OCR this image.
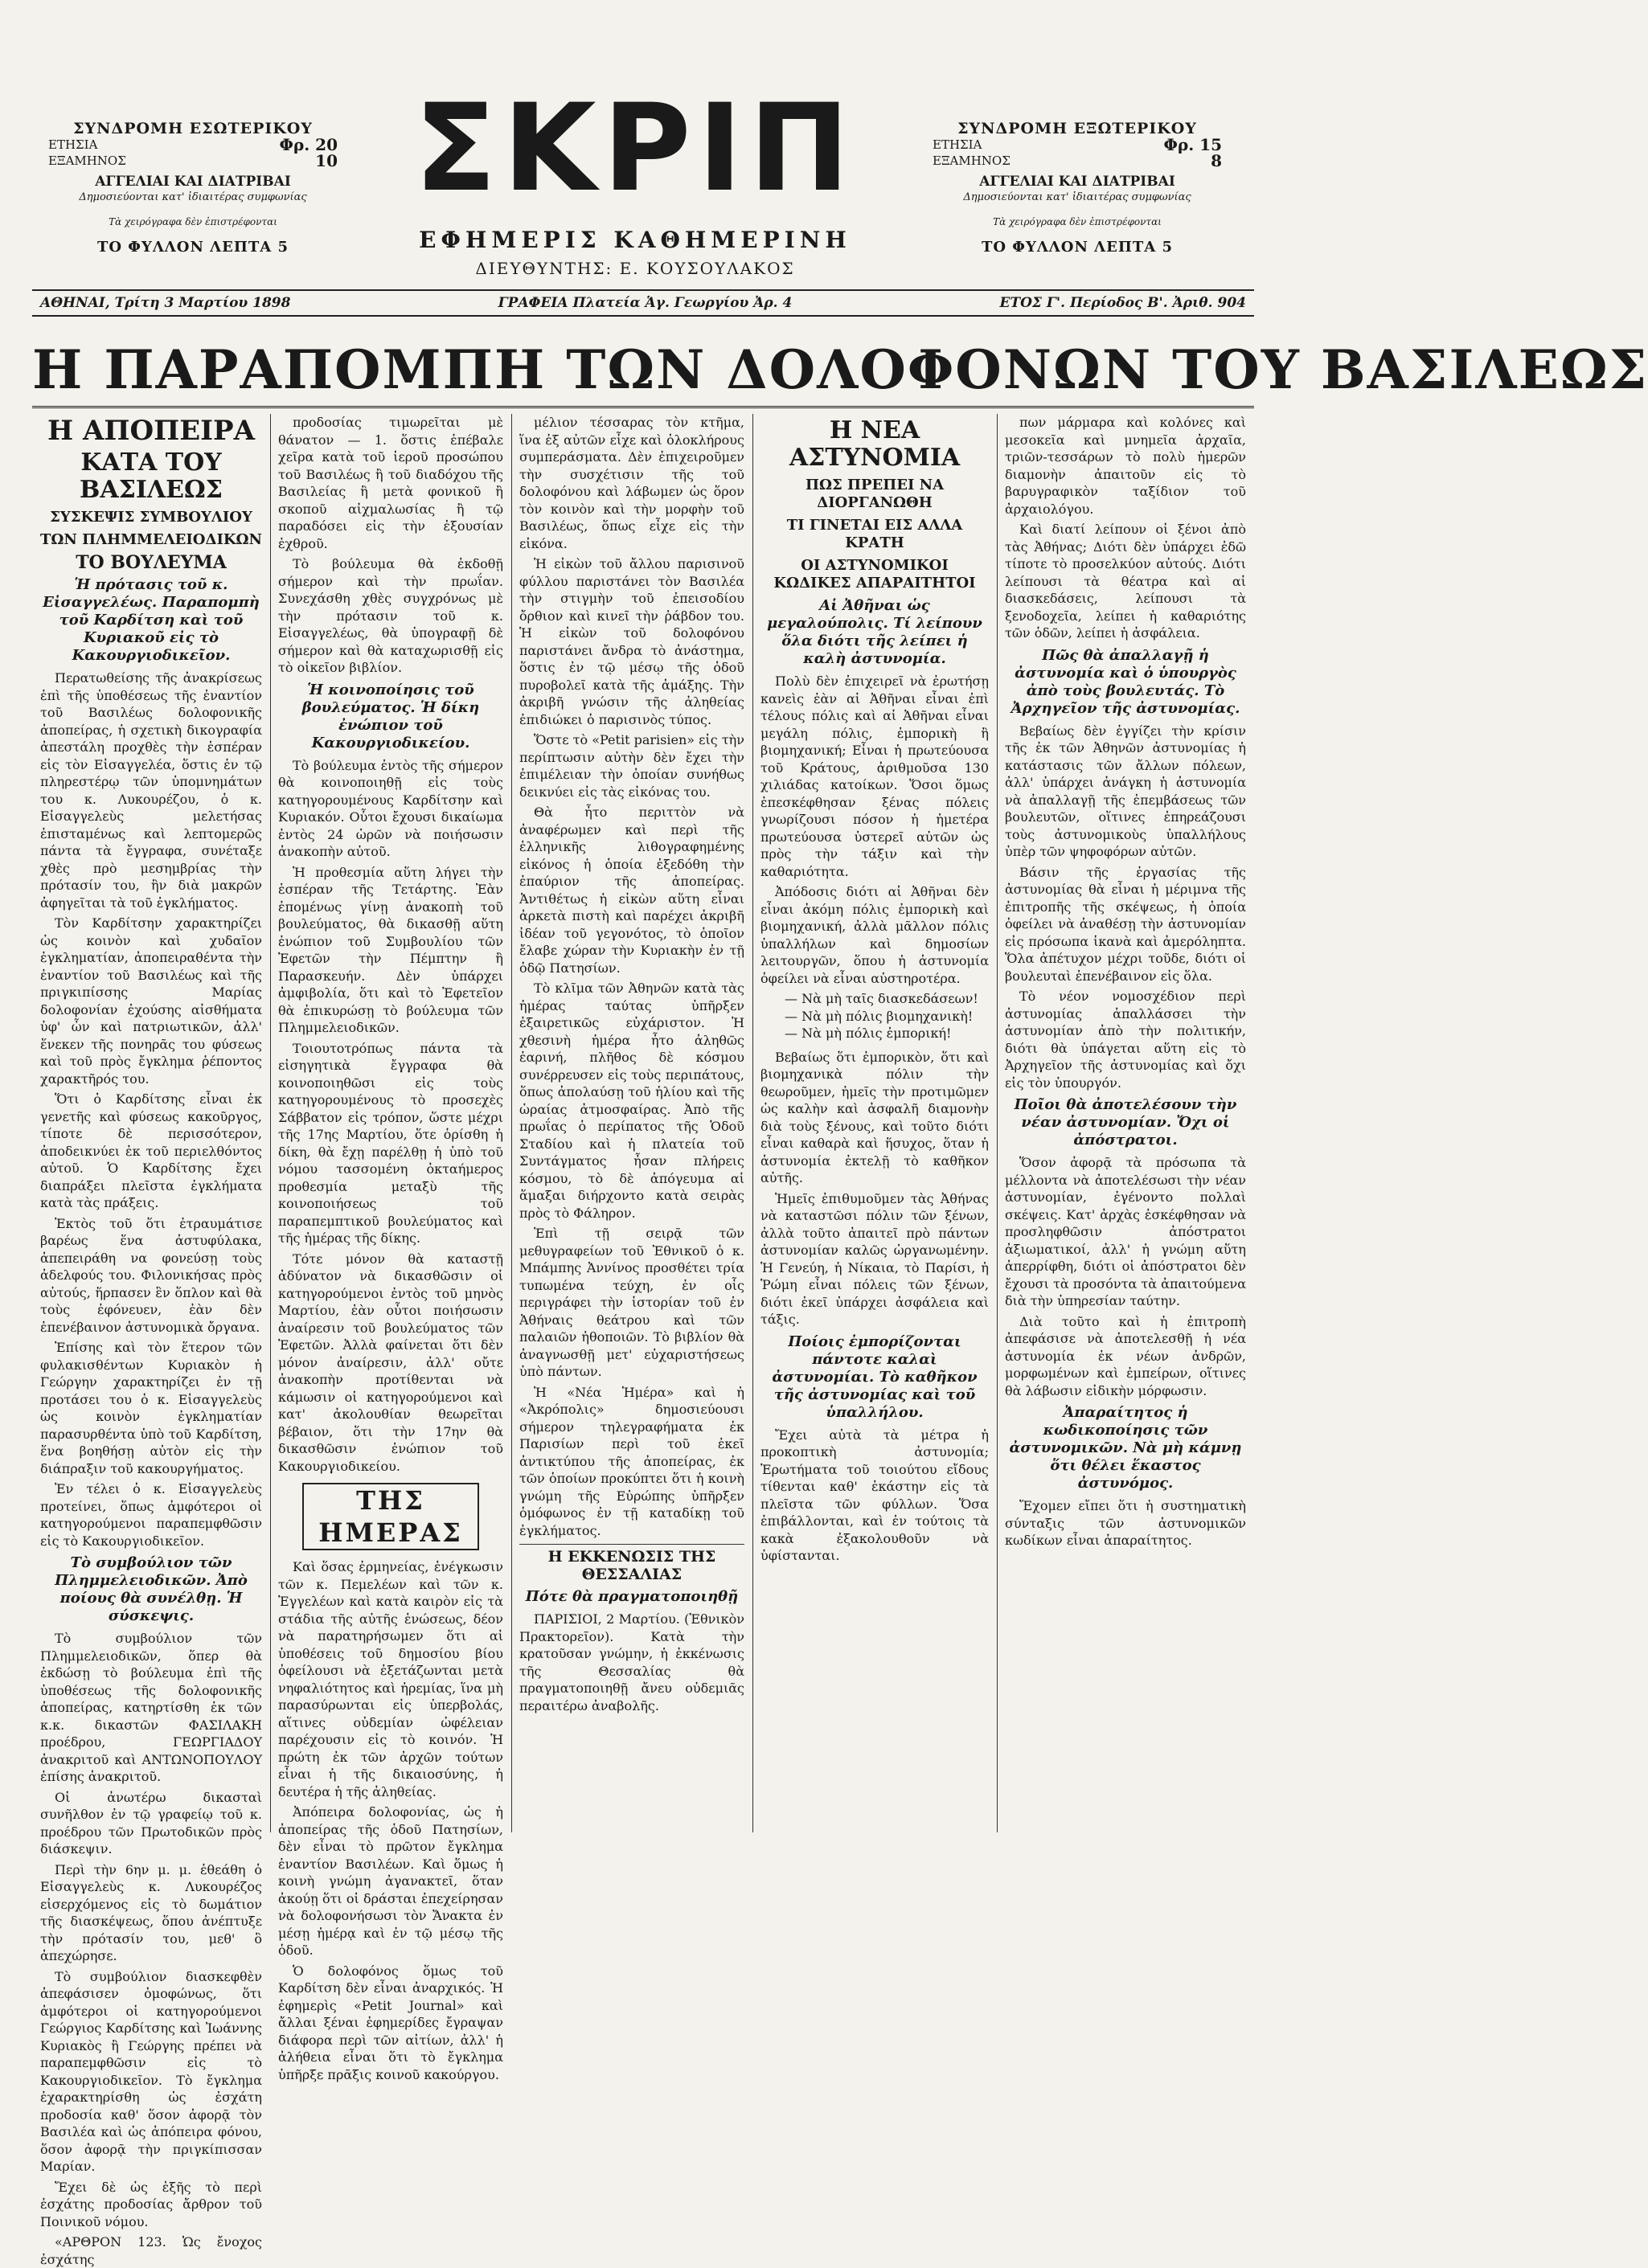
ΣΥΝΔΡΟΜΗ ΕΣΩΤΕΡΙΚΟΥ
ΕΤΗΣΙΑ	Φρ. 20
ΕΞΑΜΗΝΟΣ	10
ΑΓΓΕΛΙΑΙ ΚΑΙ ΔΙΑΤΡΙΒΑΙ
Δημοσιεύονται κατ' ἰδιαιτέρας συμφωνίας
Τὰ χειρόγραφα δὲν ἐπιστρέφονται
ΤΟ ΦΥΛΛΟΝ ΛΕΠΤΑ 5
ΣΚΡΙΠ
ΕΦΗΜΕΡΙΣ ΚΑΘΗΜΕΡΙΝΗ
ΔΙΕΥΘΥΝΤΗΣ: Ε. ΚΟΥΣΟΥΛΑΚΟΣ
ΣΥΝΔΡΟΜΗ ΕΞΩΤΕΡΙΚΟΥ
ΕΤΗΣΙΑ	Φρ. 15
ΕΞΑΜΗΝΟΣ	8
ΑΓΓΕΛΙΑΙ ΚΑΙ ΔΙΑΤΡΙΒΑΙ
Δημοσιεύονται κατ' ἰδιαιτέρας συμφωνίας
Τὰ χειρόγραφα δὲν ἐπιστρέφονται
ΤΟ ΦΥΛΛΟΝ ΛΕΠΤΑ 5
ΑΘΗΝΑΙ, Τρίτη 3 Μαρτίου 1898	ΓΡΑΦΕΙΑ Πλατεία Ἁγ. Γεωργίου Ἀρ. 4	ΕΤΟΣ Γ'. Περίοδος Β'. Ἀριθ. 904
Η ΠΑΡΑΠΟΜΠΗ ΤΩΝ ΔΟΛΟΦΟΝΩΝ ΤΟΥ ΒΑΣΙΛΕΩΣ
Η ΑΠΟΠΕΙΡΑ
ΚΑΤΑ ΤΟΥ ΒΑΣΙΛΕΩΣ
ΣΥΣΚΕΨΙΣ ΣΥΜΒΟΥΛΙΟΥ
ΤΩΝ ΠΛΗΜΜΕΛΕΙΟΔΙΚΩΝ
ΤΟ ΒΟΥΛΕΥΜΑ
Ἡ πρότασις τοῦ κ. Εἰσαγγελέως. Παραπομπὴ τοῦ Καρδίτση καὶ τοῦ Κυριακοῦ εἰς τὸ Κακουργιοδικεῖον.

Περατωθείσης τῆς ἀνακρίσεως ἐπὶ τῆς ὑποθέσεως τῆς ἐναντίον τοῦ Βασιλέως δολοφονικῆς ἀποπείρας, ἡ σχετικὴ δικογραφία ἀπεστάλη προχθὲς τὴν ἑσπέραν εἰς τὸν Εἰσαγγελέα, ὅστις ἐν τῷ πληρεστέρῳ τῶν ὑπομνημάτων του κ. Λυκουρέζου, ὁ κ. Εἰσαγγελεὺς μελετήσας ἐπισταμένως καὶ λεπτομερῶς πάντα τὰ ἔγγραφα, συνέταξε χθὲς πρὸ μεσημβρίας τὴν πρότασίν του, ἣν διὰ μακρῶν ἀφηγεῖται τὰ τοῦ ἐγκλήματος.

Τὸν Καρδίτσην χαρακτηρίζει ὡς κοινὸν καὶ χυδαῖον ἐγκληματίαν, ἀποπειραθέντα τὴν ἐναντίον τοῦ Βασιλέως καὶ τῆς πριγκιπίσσης Μαρίας δολοφονίαν ἐχούσης αἰσθήματα ὑφ' ὧν καὶ πατριωτικῶν, ἀλλ' ἕνεκεν τῆς πονηρᾶς του φύσεως καὶ τοῦ πρὸς ἔγκλημα ῥέποντος χαρακτῆρός του.

Ὅτι ὁ Καρδίτσης εἶναι ἐκ γενετῆς καὶ φύσεως κακοῦργος, τίποτε δὲ περισσότερον, ἀποδεικνύει ἐκ τοῦ περιελθόντος αὐτοῦ. Ὁ Καρδίτσης ἔχει διαπράξει πλεῖστα ἐγκλήματα κατὰ τὰς πράξεις.

Ἐκτὸς τοῦ ὅτι ἐτραυμάτισε βαρέως ἕνα ἀστυφύλακα, ἀπεπειράθη να φονεύσῃ τοὺς ἀδελφούς του. Φιλονικήσας πρὸς αὐτούς, ἥρπασεν ἓν ὅπλον καὶ θὰ τοὺς ἐφόνευεν, ἐὰν δὲν ἐπενέβαινον ἀστυνομικὰ ὄργανα.

Ἐπίσης καὶ τὸν ἕτερον τῶν φυλακισθέντων Κυριακὸν ἡ Γεώργην χαρακτηρίζει ἐν τῇ προτάσει του ὁ κ. Εἰσαγγελεὺς ὡς κοινὸν ἐγκληματίαν παρασυρθέντα ὑπὸ τοῦ Καρδίτση, ἕνα βοηθήσῃ αὐτὸν εἰς τὴν διάπραξιν τοῦ κακουργήματος.

Ἐν τέλει ὁ κ. Εἰσαγγελεὺς προτείνει, ὅπως ἀμφότεροι οἱ κατηγορούμενοι παραπεμφθῶσιν εἰς τὸ Κακουργιοδικεῖον.

Τὸ συμβούλιον τῶν Πλημμελειοδικῶν. Ἀπὸ ποίους θὰ συνέλθῃ. Ἡ σύσκεψις.

Τὸ συμβούλιον τῶν Πλημμελειοδικῶν, ὅπερ θὰ ἐκδώσῃ τὸ βούλευμα ἐπὶ τῆς ὑποθέσεως τῆς δολοφονικῆς ἀποπείρας, κατηρτίσθη ἐκ τῶν κ.κ. δικαστῶν ΦΑΣΙΛΑΚΗ προέδρου, ΓΕΩΡΓΙΑΔΟΥ ἀνακριτοῦ καὶ ΑΝΤΩΝΟΠΟΥΛΟΥ ἐπίσης ἀνακριτοῦ.

Οἱ ἀνωτέρω δικασταὶ συνῆλθον ἐν τῷ γραφείῳ τοῦ κ. προέδρου τῶν Πρωτοδικῶν πρὸς διάσκεψιν.

Περὶ τὴν 6ην μ. μ. ἐθεάθη ὁ Εἰσαγγελεὺς κ. Λυκουρέζος εἰσερχόμενος εἰς τὸ δωμάτιον τῆς διασκέψεως, ὅπου ἀνέπτυξε τὴν πρότασίν του, μεθ' ὃ ἀπεχώρησε.

Τὸ συμβούλιον διασκεφθὲν ἀπεφάσισεν ὁμοφώνως, ὅτι ἀμφότεροι οἱ κατηγορούμενοι Γεώργιος Καρδίτσης καὶ Ἰωάννης Κυριακὸς ἢ Γεώργης πρέπει νὰ παραπεμφθῶσιν εἰς τὸ Κακουργιοδικεῖον. Τὸ ἔγκλημα ἐχαρακτηρίσθη ὡς ἐσχάτη προδοσία καθ' ὅσον ἀφορᾷ τὸν Βασιλέα καὶ ὡς ἀπόπειρα φόνου, ὅσον ἀφορᾷ τὴν πριγκίπισσαν Μαρίαν.

Ἔχει δὲ ὡς ἑξῆς τὸ περὶ ἐσχάτης προδοσίας ἄρθρον τοῦ Ποινικοῦ νόμου.

«ΑΡΘΡΟΝ 123. Ὡς ἔνοχος ἐσχάτης

προδοσίας τιμωρεῖται μὲ θάνατον — 1. ὅστις ἐπέβαλε χεῖρα κατὰ τοῦ ἱεροῦ προσώπου τοῦ Βασιλέως ἢ τοῦ διαδόχου τῆς Βασιλείας ἢ μετὰ φονικοῦ ἢ σκοποῦ αἰχμαλωσίας ἢ τῷ παραδόσει εἰς τὴν ἐξουσίαν ἐχθροῦ.

Τὸ βούλευμα θὰ ἐκδοθῇ σήμερον καὶ τὴν πρωΐαν. Συνεχάσθη χθὲς συγχρόνως μὲ τὴν πρότασιν τοῦ κ. Εἰσαγγελέως, θὰ ὑπογραφῇ δὲ σήμερον καὶ θὰ καταχωρισθῇ εἰς τὸ οἰκεῖον βιβλίον.

Ἡ κοινοποίησις τοῦ βουλεύματος. Ἡ δίκη ἐνώπιον τοῦ Κακουργιοδικείου.

Τὸ βούλευμα ἐντὸς τῆς σήμερον θὰ κοινοποιηθῇ εἰς τοὺς κατηγορουμένους Καρδίτσην καὶ Κυριακόν. Οὗτοι ἔχουσι δικαίωμα ἐντὸς 24 ὡρῶν νὰ ποιήσωσιν ἀνακοπὴν αὐτοῦ.

Ἡ προθεσμία αὕτη λήγει τὴν ἑσπέραν τῆς Τετάρτης. Ἐὰν ἐπομένως γίνῃ ἀνακοπὴ τοῦ βουλεύματος, θὰ δικασθῇ αὕτη ἐνώπιον τοῦ Συμβουλίου τῶν Ἐφετῶν τὴν Πέμπτην ἢ Παρασκευήν. Δὲν ὑπάρχει ἀμφιβολία, ὅτι καὶ τὸ Ἐφετεῖον θὰ ἐπικυρώσῃ τὸ βούλευμα τῶν Πλημμελειοδικῶν.

Τοιουτοτρόπως πάντα τὰ εἰσηγητικὰ ἔγγραφα θὰ κοινοποιηθῶσι εἰς τοὺς κατηγορουμένους τὸ προσεχὲς Σάββατον εἰς τρόπον, ὥστε μέχρι τῆς 17ης Μαρτίου, ὅτε ὁρίσθη ἡ δίκη, θὰ ἔχῃ παρέλθῃ ἡ ὑπὸ τοῦ νόμου τασσομένη ὀκταήμερος προθεσμία μεταξὺ τῆς κοινοποιήσεως τοῦ παραπεμπτικοῦ βουλεύματος καὶ τῆς ἡμέρας τῆς δίκης.

Τότε μόνον θὰ καταστῇ ἀδύνατον νὰ δικασθῶσιν οἱ κατηγορούμενοι ἐντὸς τοῦ μηνὸς Μαρτίου, ἐὰν οὗτοι ποιήσωσιν ἀναίρεσιν τοῦ βουλεύματος τῶν Ἐφετῶν. Ἀλλὰ φαίνεται ὅτι δὲν μόνον ἀναίρεσιν, ἀλλ' οὔτε ἀνακοπὴν προτίθενται νὰ κάμωσιν οἱ κατηγορούμενοι καὶ κατ' ἀκολουθίαν θεωρεῖται βέβαιον, ὅτι τὴν 17ην θὰ δικασθῶσιν ἐνώπιον τοῦ Κακουργιοδικείου.

ΤΗΣ ΗΜΕΡΑΣ

Καὶ ὅσας ἐρμηνείας, ἐνέγκωσιν τῶν κ. Πεμελέων καὶ τῶν κ. Ἐγγελέων καὶ κατὰ καιρὸν εἰς τὰ στάδια τῆς αὐτῆς ἑνώσεως, δέον νὰ παρατηρήσωμεν ὅτι αἱ ὑποθέσεις τοῦ δημοσίου βίου ὀφείλουσι νὰ ἐξετάζωνται μετὰ νηφαλιότητος καὶ ἠρεμίας, ἵνα μὴ παρασύρωνται εἰς ὑπερβολάς, αἵτινες οὐδεμίαν ὠφέλειαν παρέχουσιν εἰς τὸ κοινόν. Ἡ πρώτη ἐκ τῶν ἀρχῶν τούτων εἶναι ἡ τῆς δικαιοσύνης, ἡ δευτέρα ἡ τῆς ἀληθείας.

Ἀπόπειρα δολοφονίας, ὡς ἡ ἀποπείρας τῆς ὁδοῦ Πατησίων, δὲν εἶναι τὸ πρῶτον ἔγκλημα ἐναντίον Βασιλέων. Καὶ ὅμως ἡ κοινὴ γνώμη ἀγανακτεῖ, ὅταν ἀκούῃ ὅτι οἱ δράσται ἐπεχείρησαν νὰ δολοφονήσωσι τὸν Ἄνακτα ἐν μέσῃ ἡμέρᾳ καὶ ἐν τῷ μέσῳ τῆς ὁδοῦ.

Ὁ δολοφόνος ὅμως τοῦ Καρδίτση δὲν εἶναι ἀναρχικός. Ἡ ἐφημερὶς «Petit Journal» καὶ ἄλλαι ξέναι ἐφημερίδες ἔγραψαν διάφορα περὶ τῶν αἰτίων, ἀλλ' ἡ ἀλήθεια εἶναι ὅτι τὸ ἔγκλημα ὑπῆρξε πρᾶξις κοινοῦ κακούργου.

μέλιον τέσσαρας τὸν κτῆμα, ἵνα ἐξ αὐτῶν εἶχε καὶ ὁλοκλήρους συμπεράσματα. Δὲν ἐπιχειροῦμεν τὴν συσχέτισιν τῆς τοῦ δολοφόνου καὶ λάβωμεν ὡς ὅρον τὸν κοινὸν καὶ τὴν μορφὴν τοῦ Βασιλέως, ὅπως εἶχε εἰς τὴν εἰκόνα.

Ἡ εἰκὼν τοῦ ἄλλου παρισινοῦ φύλλου παριστάνει τὸν Βασιλέα τὴν στιγμὴν τοῦ ἐπεισοδίου ὄρθιον καὶ κινεῖ τὴν ῥάβδον του. Ἡ εἰκὼν τοῦ δολοφόνου παριστάνει ἄνδρα τὸ ἀνάστημα, ὅστις ἐν τῷ μέσῳ τῆς ὁδοῦ πυροβολεῖ κατὰ τῆς ἁμάξης. Τὴν ἀκριβῆ γνώσιν τῆς ἀληθείας ἐπιδιώκει ὁ παρισινὸς τύπος.

Ὅστε τὸ «Petit parisien» εἰς τὴν περίπτωσιν αὐτὴν δὲν ἔχει τὴν ἐπιμέλειαν τὴν ὁποίαν συνήθως δεικνύει εἰς τὰς εἰκόνας του.

Θὰ ἦτο περιττὸν νὰ ἀναφέρωμεν καὶ περὶ τῆς ἑλληνικῆς λιθογραφημένης εἰκόνος ἡ ὁποία ἐξεδόθη τὴν ἐπαύριον τῆς ἀποπείρας. Ἀντιθέτως ἡ εἰκὼν αὕτη εἶναι ἀρκετὰ πιστὴ καὶ παρέχει ἀκριβῆ ἰδέαν τοῦ γεγονότος, τὸ ὁποῖον ἔλαβε χώραν τὴν Κυριακὴν ἐν τῇ ὁδῷ Πατησίων.

Τὸ κλῖμα τῶν Ἀθηνῶν κατὰ τὰς ἡμέρας ταύτας ὑπῆρξεν ἐξαιρετικῶς εὐχάριστον. Ἡ χθεσινὴ ἡμέρα ἦτο ἀληθῶς ἐαρινή, πλῆθος δὲ κόσμου συνέρρευσεν εἰς τοὺς περιπάτους, ὅπως ἀπολαύσῃ τοῦ ἡλίου καὶ τῆς ὡραίας ἀτμοσφαίρας. Ἀπὸ τῆς πρωΐας ὁ περίπατος τῆς Ὁδοῦ Σταδίου καὶ ἡ πλατεία τοῦ Συντάγματος ἦσαν πλήρεις κόσμου, τὸ δὲ ἀπόγευμα αἱ ἅμαξαι διήρχοντο κατὰ σειρὰς πρὸς τὸ Φάληρον.

Ἐπὶ τῇ σειρᾷ τῶν μεθυγραφείων τοῦ Ἐθνικοῦ ὁ κ. Μπάμπης Ἀννίνος προσθέτει τρία τυπωμένα τεύχη, ἐν οἷς περιγράφει τὴν ἱστορίαν τοῦ ἐν Ἀθήναις θεάτρου καὶ τῶν παλαιῶν ἠθοποιῶν. Τὸ βιβλίον θὰ ἀναγνωσθῇ μετ' εὐχαριστήσεως ὑπὸ πάντων.

Ἡ «Νέα Ἡμέρα» καὶ ἡ «Ἀκρόπολις» δημοσιεύουσι σήμερον τηλεγραφήματα ἐκ Παρισίων περὶ τοῦ ἐκεῖ ἀντικτύπου τῆς ἀποπείρας, ἐκ τῶν ὁποίων προκύπτει ὅτι ἡ κοινὴ γνώμη τῆς Εὐρώπης ὑπῆρξεν ὁμόφωνος ἐν τῇ καταδίκῃ τοῦ ἐγκλήματος.

Η ΕΚΚΕΝΩΣΙΣ ΤΗΣ ΘΕΣΣΑΛΙΑΣ
Πότε θὰ πραγματοποιηθῇ

ΠΑΡΙΣΙΟΙ, 2 Μαρτίου. (Ἐθνικὸν Πρακτορεῖον). Κατὰ τὴν κρατοῦσαν γνώμην, ἡ ἐκκένωσις τῆς Θεσσαλίας θὰ πραγματοποιηθῇ ἄνευ οὐδεμιᾶς περαιτέρω ἀναβολῆς.

Η ΝΕΑ ΑΣΤΥΝΟΜΙΑ
ΠΩΣ ΠΡΕΠΕΙ ΝΑ ΔΙΟΡΓΑΝΩΘΗ
ΤΙ ΓΙΝΕΤΑΙ ΕΙΣ ΑΛΛΑ ΚΡΑΤΗ
ΟΙ ΑΣΤΥΝΟΜΙΚΟΙ ΚΩΔΙΚΕΣ ΑΠΑΡΑΙΤΗΤΟΙ
Αἱ Ἀθῆναι ὡς μεγαλούπολις. Τί λείπουν ὅλα διότι τῆς λείπει ἡ καλὴ ἀστυνομία.

Πολὺ δὲν ἐπιχειρεῖ νὰ ἐρωτήσῃ κανεὶς ἐὰν αἱ Ἀθῆναι εἶναι ἐπὶ τέλους πόλις καὶ αἱ Ἀθῆναι εἶναι μεγάλη πόλις, ἐμπορικὴ ἢ βιομηχανική; Εἶναι ἡ πρωτεύουσα τοῦ Κράτους, ἀριθμοῦσα 130 χιλιάδας κατοίκων. Ὅσοι ὅμως ἐπεσκέφθησαν ξένας πόλεις γνωρίζουσι πόσον ἡ ἡμετέρα πρωτεύουσα ὑστερεῖ αὐτῶν ὡς πρὸς τὴν τάξιν καὶ τὴν καθαριότητα.

Ἀπόδοσις διότι αἱ Ἀθῆναι δὲν εἶναι ἀκόμη πόλις ἐμπορικὴ καὶ βιομηχανική, ἀλλὰ μᾶλλον πόλις ὑπαλλήλων καὶ δημοσίων λειτουργῶν, ὅπου ἡ ἀστυνομία ὀφείλει νὰ εἶναι αὐστηροτέρα.

— Νὰ μὴ ταῖς διασκεδάσεων!
— Νὰ μὴ πόλις βιομηχανικὴ!
— Νὰ μὴ πόλις ἐμπορική!

Βεβαίως ὅτι ἐμπορικὸν, ὅτι καὶ βιομηχανικὰ πόλιν τὴν θεωροῦμεν, ἡμεῖς τὴν προτιμῶμεν ὡς καλὴν καὶ ἀσφαλῆ διαμονὴν διὰ τοὺς ξένους, καὶ τοῦτο διότι εἶναι καθαρὰ καὶ ἥσυχος, ὅταν ἡ ἀστυνομία ἐκτελῇ τὸ καθῆκον αὐτῆς.

Ἡμεῖς ἐπιθυμοῦμεν τὰς Ἀθήνας νὰ καταστῶσι πόλιν τῶν ξένων, ἀλλὰ τοῦτο ἀπαιτεῖ πρὸ πάντων ἀστυνομίαν καλῶς ὠργανωμένην. Ἡ Γενεύη, ἡ Νίκαια, τὸ Παρίσι, ἡ Ῥώμη εἶναι πόλεις τῶν ξένων, διότι ἐκεῖ ὑπάρχει ἀσφάλεια καὶ τάξις.

Ποίοις ἐμπορίζονται πάντοτε καλαὶ ἀστυνομίαι. Τὸ καθῆκον τῆς ἀστυνομίας καὶ τοῦ ὑπαλλήλου.

Ἔχει αὐτὰ τὰ μέτρα ἡ προκοπτικὴ ἀστυνομία; Ἐρωτήματα τοῦ τοιούτου εἴδους τίθενται καθ' ἑκάστην εἰς τὰ πλεῖστα τῶν φύλλων. Ὅσα ἐπιβάλλονται, καὶ ἐν τούτοις τὰ κακὰ ἐξακολουθοῦν νὰ ὑφίστανται.

πων μάρμαρα καὶ κολόνες καὶ μεσοκεῖα καὶ μνημεῖα ἀρχαῖα, τριῶν-τεσσάρων τὸ πολὺ ἡμερῶν διαμονὴν ἀπαιτοῦν εἰς τὸ βαρυγραφικὸν ταξίδιον τοῦ ἀρχαιολόγου.

Καὶ διατί λείπουν οἱ ξένοι ἀπὸ τὰς Ἀθήνας; Διότι δὲν ὑπάρχει ἐδῶ τίποτε τὸ προσελκύον αὐτούς. Διότι λείπουσι τὰ θέατρα καὶ αἱ διασκεδάσεις, λείπουσι τὰ ξενοδοχεῖα, λείπει ἡ καθαριότης τῶν ὁδῶν, λείπει ἡ ἀσφάλεια.

Πῶς θὰ ἀπαλλαγῇ ἡ ἀστυνομία καὶ ὁ ὑπουργὸς ἀπὸ τοὺς βουλευτάς. Τὸ Ἀρχηγεῖον τῆς ἀστυνομίας.

Βεβαίως δὲν ἐγγίζει τὴν κρίσιν τῆς ἐκ τῶν Ἀθηνῶν ἀστυνομίας ἡ κατάστασις τῶν ἄλλων πόλεων, ἀλλ' ὑπάρχει ἀνάγκη ἡ ἀστυνομία νὰ ἀπαλλαγῇ τῆς ἐπεμβάσεως τῶν βουλευτῶν, οἵτινες ἐπηρεάζουσι τοὺς ἀστυνομικοὺς ὑπαλλήλους ὑπὲρ τῶν ψηφοφόρων αὐτῶν.

Βάσιν τῆς ἐργασίας τῆς ἀστυνομίας θὰ εἶναι ἡ μέριμνα τῆς ἐπιτροπῆς τῆς σκέψεως, ἡ ὁποία ὀφείλει νὰ ἀναθέσῃ τὴν ἀστυνομίαν εἰς πρόσωπα ἱκανὰ καὶ ἀμερόληπτα. Ὅλα ἀπέτυχον μέχρι τοῦδε, διότι οἱ βουλευταὶ ἐπενέβαινον εἰς ὅλα.

Τὸ νέον νομοσχέδιον περὶ ἀστυνομίας ἀπαλλάσσει τὴν ἀστυνομίαν ἀπὸ τὴν πολιτικήν, διότι θὰ ὑπάγεται αὕτη εἰς τὸ Ἀρχηγεῖον τῆς ἀστυνομίας καὶ ὄχι εἰς τὸν ὑπουργόν.

Ποῖοι θὰ ἀποτελέσουν τὴν νέαν ἀστυνομίαν. Ὄχι οἱ ἀπόστρατοι.

Ὅσον ἀφορᾷ τὰ πρόσωπα τὰ μέλλοντα νὰ ἀποτελέσωσι τὴν νέαν ἀστυνομίαν, ἐγένοντο πολλαὶ σκέψεις. Κατ' ἀρχὰς ἐσκέφθησαν νὰ προσληφθῶσιν ἀπόστρατοι ἀξιωματικοί, ἀλλ' ἡ γνώμη αὕτη ἀπερρίφθη, διότι οἱ ἀπόστρατοι δὲν ἔχουσι τὰ προσόντα τὰ ἀπαιτούμενα διὰ τὴν ὑπηρεσίαν ταύτην.

Διὰ τοῦτο καὶ ἡ ἐπιτροπὴ ἀπεφάσισε νὰ ἀποτελεσθῇ ἡ νέα ἀστυνομία ἐκ νέων ἀνδρῶν, μορφωμένων καὶ ἐμπείρων, οἵτινες θὰ λάβωσιν εἰδικὴν μόρφωσιν.

Ἀπαραίτητος ἡ κωδικοποίησις τῶν ἀστυνομικῶν. Νὰ μὴ κάμνῃ ὅτι θέλει ἕκαστος ἀστυνόμος.

Ἔχομεν εἴπει ὅτι ἡ συστηματικὴ σύνταξις τῶν ἀστυνομικῶν κωδίκων εἶναι ἀπαραίτητος.
